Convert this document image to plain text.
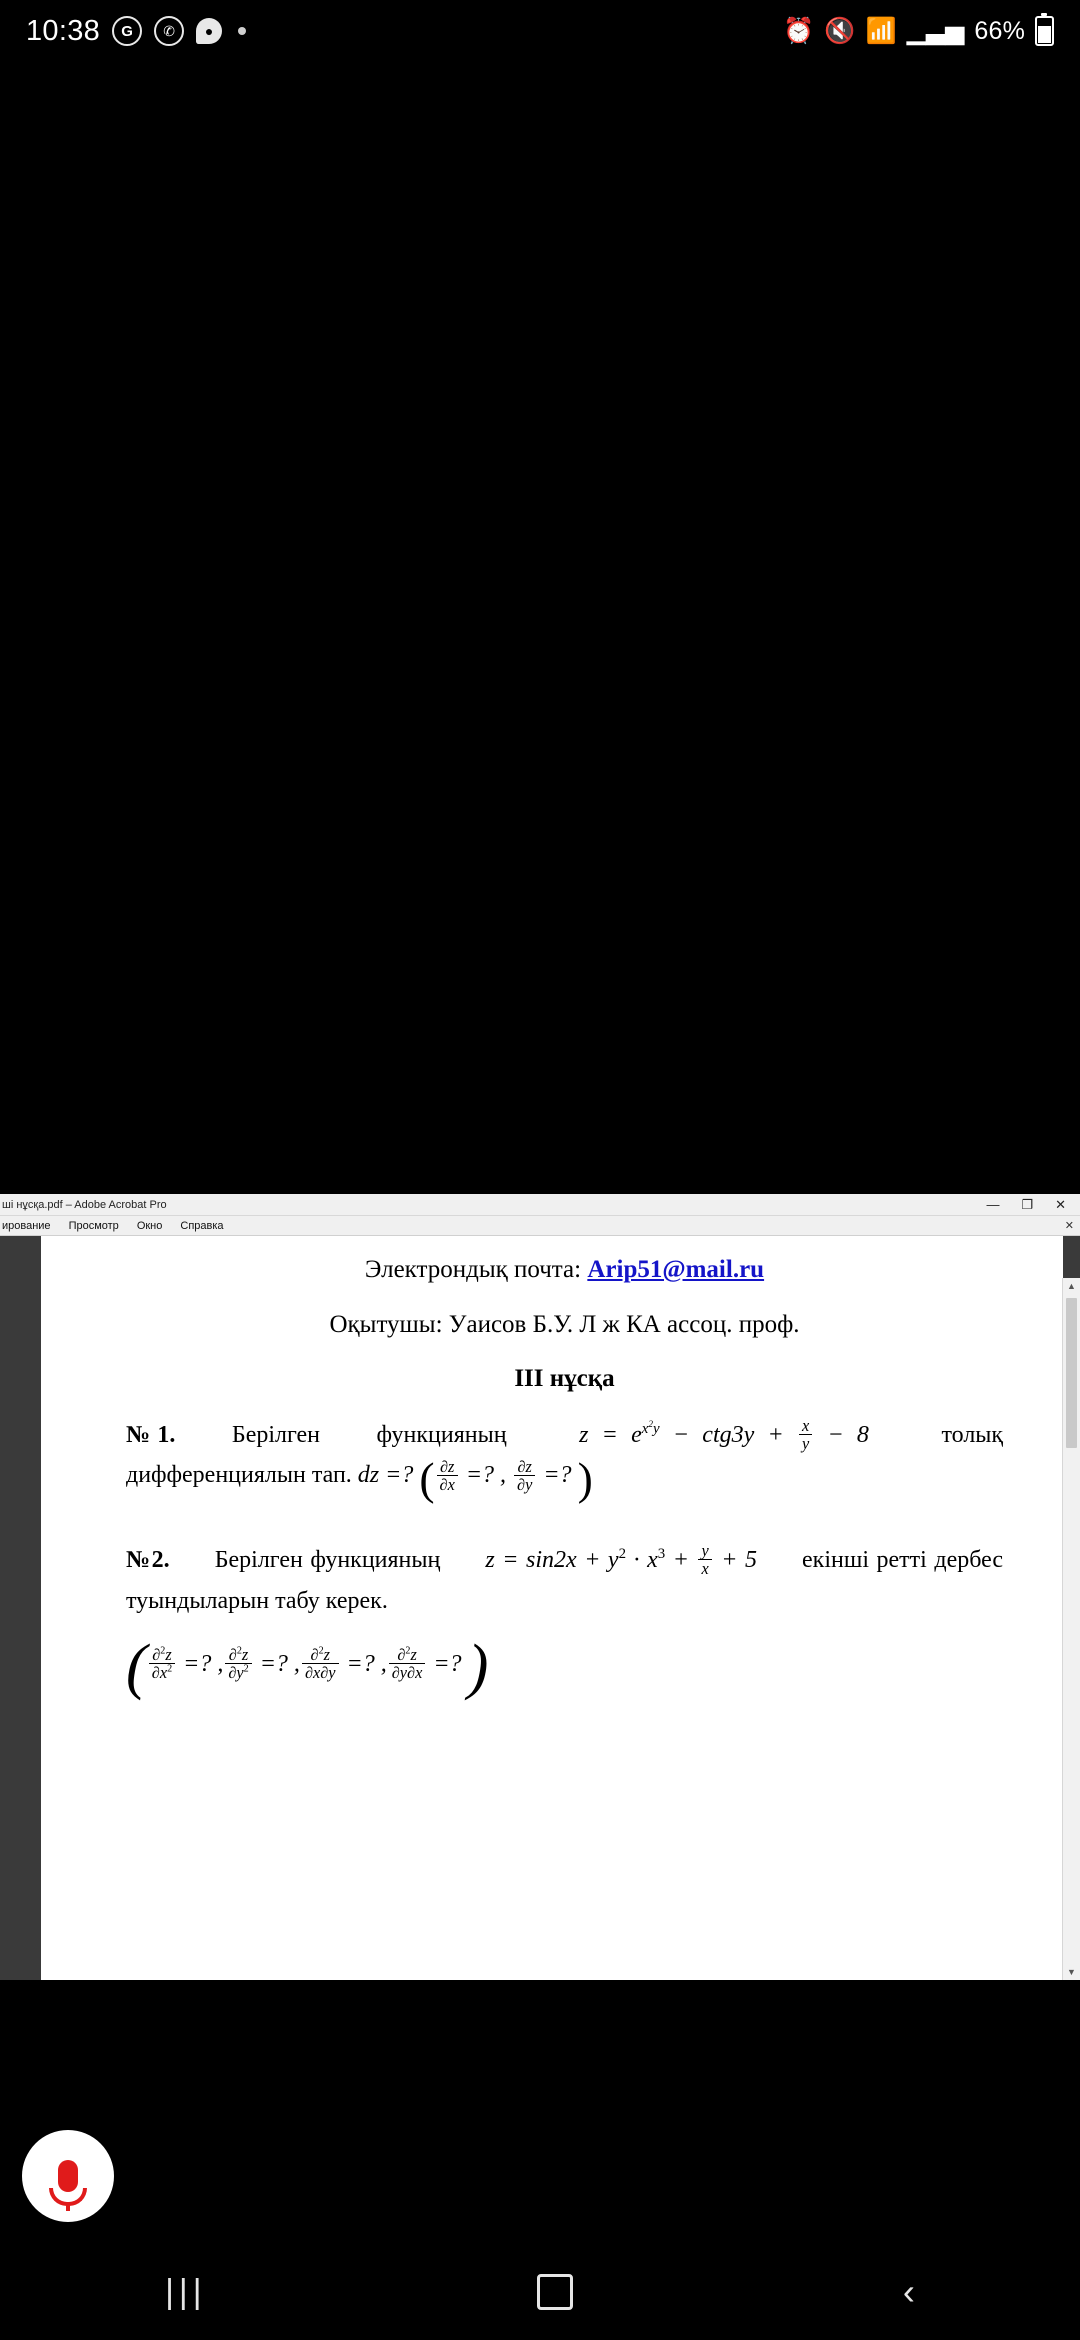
10:38	G	✆	●	⏰ 🔇 📶 ▁▃▅ 66%
ші нұсқа.pdf – Adobe Acrobat Pro	— ❐ ✕
ирование Просмотр Окно Справка	✕

Электрондық почта: Arip51@mail.ru

Оқытушы: Уаисов Б.У. Л ж КА ассоц. проф.

III нұсқа

№1. Берілген функцияның	$z = e^{x^2y} - ctg3y + \frac{x}{y} - 8$	толық дифференциялын тап. dz =? ( $\frac{\partial z}{\partial x}$ =? , $\frac{\partial z}{\partial y}$ =? )

№2. Берілген функцияның $z = \sin 2x + y^2 \cdot x^3 + \frac{y}{x} + 5$ екінші ретті дербес туындыларын табу керек.

( $\frac{\partial^2z}{\partial x^2}$ =? , $\frac{\partial^2z}{\partial y^2}$ =? , $\frac{\partial^2z}{\partial x\partial y}$ =? , $\frac{\partial^2z}{\partial y\partial x}$ =? )
▲
▼
|||	‹
